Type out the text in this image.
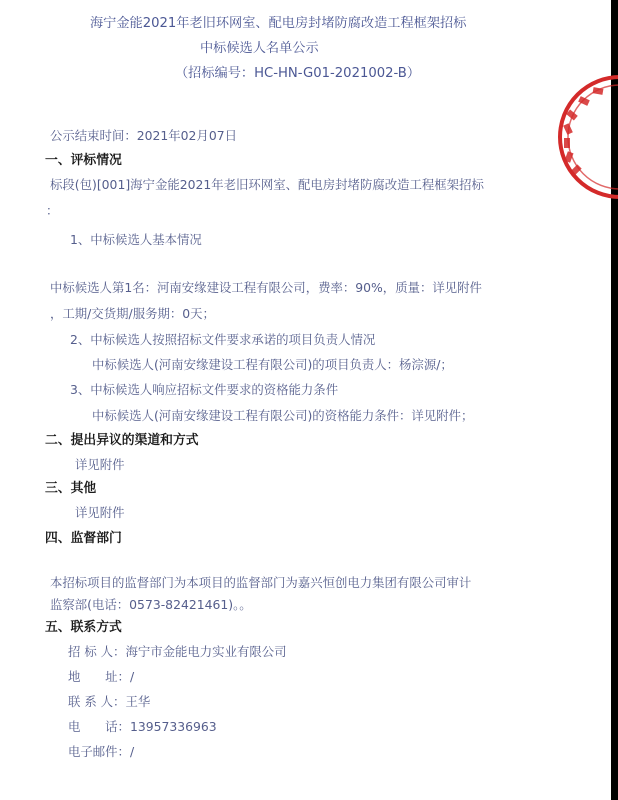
海宁金能2021年老旧环网室、配电房封堵防腐改造工程框架招标
中标候选人名单公示
（招标编号：HC-HN-G01-2021002-B）
公示结束时间：2021年02月07日
一、评标情况
标段(包)[001]海宁金能2021年老旧环网室、配电房封堵防腐改造工程框架招标
：
1、中标候选人基本情况
中标候选人第1名：河南安缘建设工程有限公司，费率：90%，质量：详见附件
，工期/交货期/服务期：0天；
2、中标候选人按照招标文件要求承诺的项目负责人情况
中标候选人(河南安缘建设工程有限公司)的项目负责人：杨淙源/；
3、中标候选人响应招标文件要求的资格能力条件
中标候选人(河南安缘建设工程有限公司)的资格能力条件：详见附件；
二、提出异议的渠道和方式
详见附件
三、其他
详见附件
四、监督部门
本招标项目的监督部门为本项目的监督部门为嘉兴恒创电力集团有限公司审计
监察部(电话：0573-82421461)。。
五、联系方式
招 标 人：海宁市金能电力实业有限公司
地　　址：/
联 系 人：王华
电　　话：13957336963
电子邮件：/
